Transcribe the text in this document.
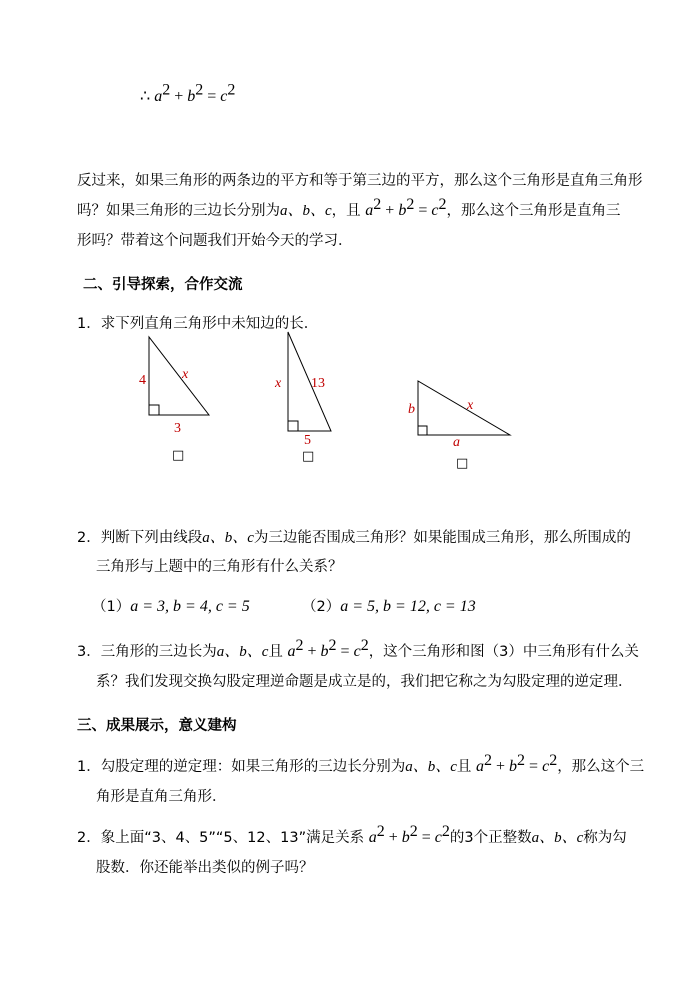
∴ $a^2 + b^2 = c^2$
反过来，如果三角形的两条边的平方和等于第三边的平方，那么这个三角形是直角三角形
吗？如果三角形的三边长分别为a、b、c，且 $a^2 + b^2 = c^2$，那么这个三角形是直角三
形吗？带着这个问题我们开始今天的学习．
二、引导探索，合作交流
1．求下列直角三角形中未知边的长．
4	x
3
x 13
5
b	x
a
□	□	□
2．判断下列由线段a、b、c为三边能否围成三角形？如果能围成三角形，那么所围成的
三角形与上题中的三角形有什么关系？
（1）a = 3, b = 4, c = 5	（2）a = 5, b = 12, c = 13
3．三角形的三边长为a、b、c且 $a^2 + b^2 = c^2$，这个三角形和图（3）中三角形有什么关
系？我们发现交换勾股定理逆命题是成立是的，我们把它称之为勾股定理的逆定理．
三、成果展示，意义建构
1．勾股定理的逆定理：如果三角形的三边长分别为a、b、c且 $a^2 + b^2 = c^2$，那么这个三
角形是直角三角形．
2．象上面“3、4、5”“5、12、13”满足关系 $a^2 + b^2 = c^2$的3个正整数a、b、c称为勾
股数．你还能举出类似的例子吗？
